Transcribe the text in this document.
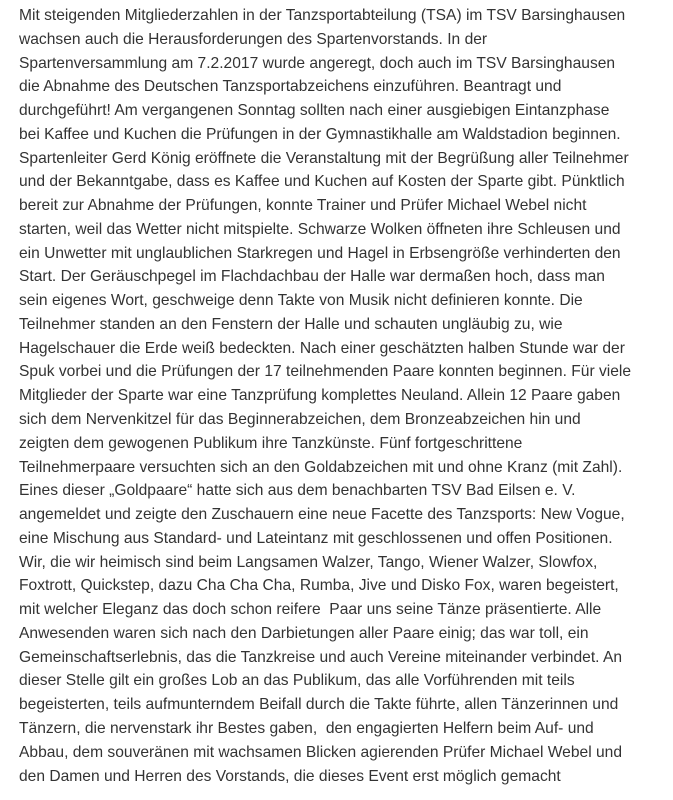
Mit steigenden Mitgliederzahlen in der Tanzsportabteilung (TSA) im TSV Barsinghausen
wachsen auch die Herausforderungen des Spartenvorstands. In der
Spartenversammlung am 7.2.2017 wurde angeregt, doch auch im TSV Barsinghausen
die Abnahme des Deutschen Tanzsportabzeichens einzuführen. Beantragt und
durchgeführt! Am vergangenen Sonntag sollten nach einer ausgiebigen Eintanzphase
bei Kaffee und Kuchen die Prüfungen in der Gymnastikhalle am Waldstadion beginnen.
Spartenleiter Gerd König eröffnete die Veranstaltung mit der Begrüßung aller Teilnehmer
und der Bekanntgabe, dass es Kaffee und Kuchen auf Kosten der Sparte gibt. Pünktlich
bereit zur Abnahme der Prüfungen, konnte Trainer und Prüfer Michael Webel nicht
starten, weil das Wetter nicht mitspielte. Schwarze Wolken öffneten ihre Schleusen und
ein Unwetter mit unglaublichen Starkregen und Hagel in Erbsengröße verhinderten den
Start. Der Geräuschpegel im Flachdachbau der Halle war dermaßen hoch, dass man
sein eigenes Wort, geschweige denn Takte von Musik nicht definieren konnte. Die
Teilnehmer standen an den Fenstern der Halle und schauten ungläubig zu, wie
Hagelschauer die Erde weiß bedeckten. Nach einer geschätzten halben Stunde war der
Spuk vorbei und die Prüfungen der 17 teilnehmenden Paare konnten beginnen. Für viele
Mitglieder der Sparte war eine Tanzprüfung komplettes Neuland. Allein 12 Paare gaben
sich dem Nervenkitzel für das Beginnerabzeichen, dem Bronzeabzeichen hin und
zeigten dem gewogenen Publikum ihre Tanzkünste. Fünf fortgeschrittene
Teilnehmerpaare versuchten sich an den Goldabzeichen mit und ohne Kranz (mit Zahl).
Eines dieser „Goldpaare“ hatte sich aus dem benachbarten TSV Bad Eilsen e. V.
angemeldet und zeigte den Zuschauern eine neue Facette des Tanzsports: New Vogue,
eine Mischung aus Standard- und Lateintanz mit geschlossenen und offen Positionen.
Wir, die wir heimisch sind beim Langsamen Walzer, Tango, Wiener Walzer, Slowfox,
Foxtrott, Quickstep, dazu Cha Cha Cha, Rumba, Jive und Disko Fox, waren begeistert,
mit welcher Eleganz das doch schon reifere  Paar uns seine Tänze präsentierte. Alle
Anwesenden waren sich nach den Darbietungen aller Paare einig; das war toll, ein
Gemeinschaftserlebnis, das die Tanzkreise und auch Vereine miteinander verbindet. An
dieser Stelle gilt ein großes Lob an das Publikum, das alle Vorführenden mit teils
begeisterten, teils aufmunterndem Beifall durch die Takte führte, allen Tänzerinnen und
Tänzern, die nervenstark ihr Bestes gaben,  den engagierten Helfern beim Auf- und
Abbau, dem souveränen mit wachsamen Blicken agierenden Prüfer Michael Webel und
den Damen und Herren des Vorstands, die dieses Event erst möglich gemacht
